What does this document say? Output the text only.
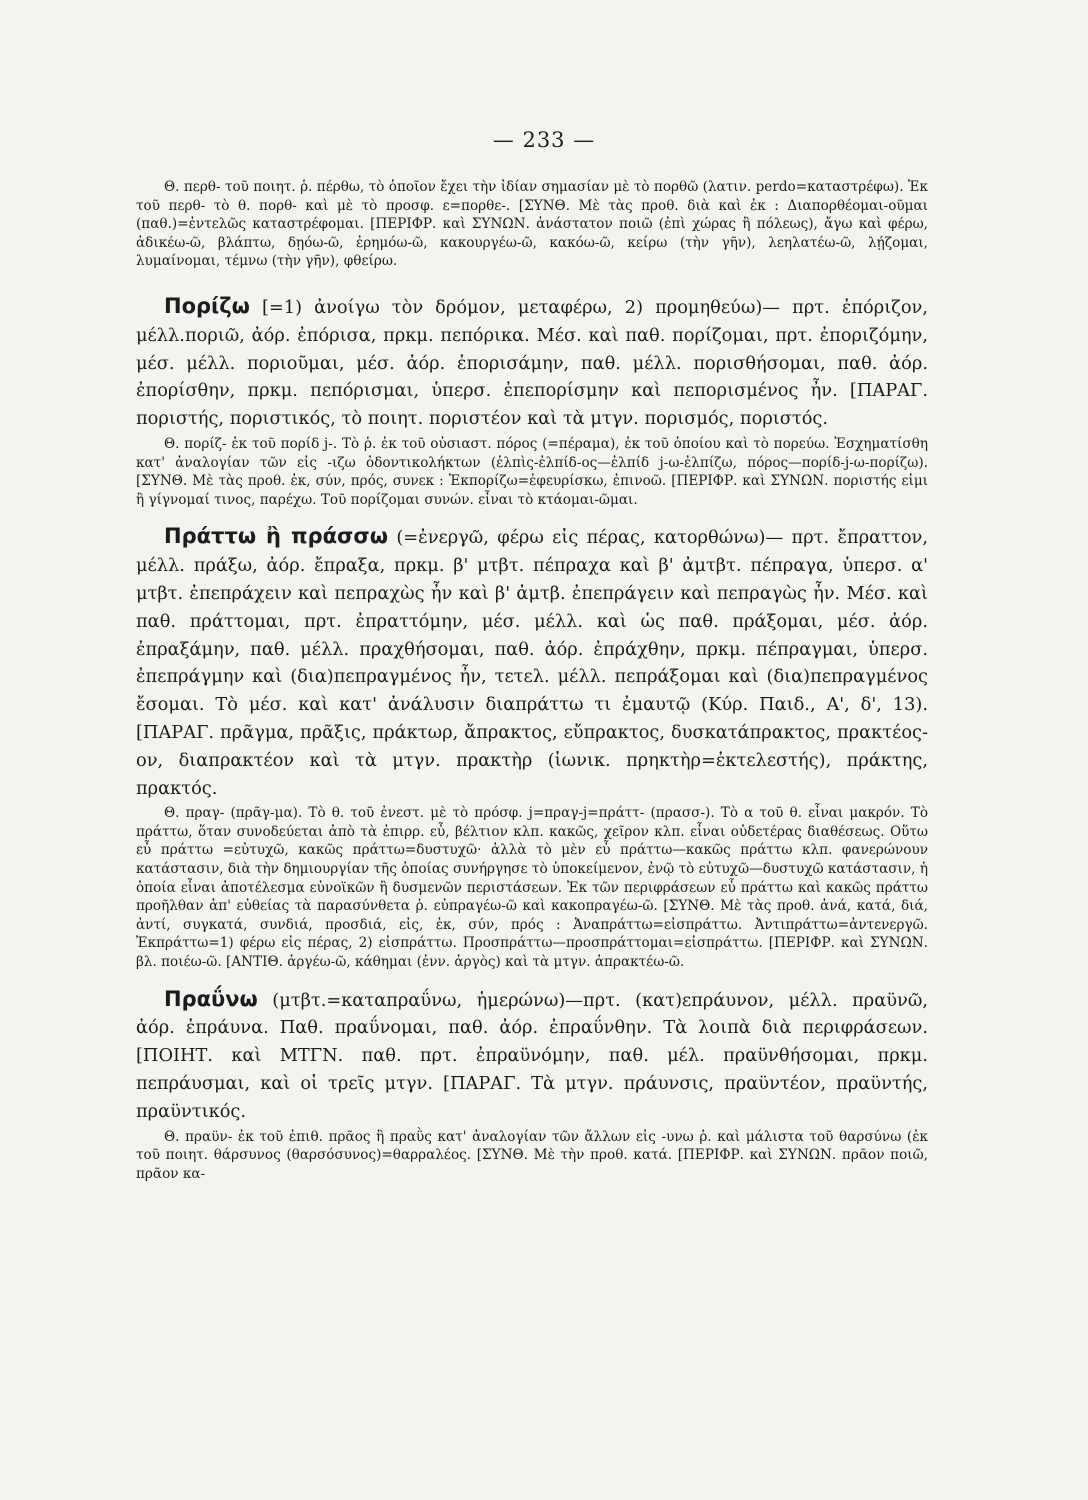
— 233 —

Θ. περθ- τοῦ ποιητ. ῥ. πέρθω, τὸ ὁποῖον ἔχει τὴν ἰδίαν σημασίαν μὲ τὸ πορθῶ (λατιν. perdo=καταστρέφω). Ἐκ τοῦ περθ- τὸ θ. πορθ- καὶ μὲ τὸ προσφ. ε=πορθε-. [ΣΥΝΘ. Μὲ τὰς προθ. διὰ καὶ ἐκ : Διαπορθέομαι-οῦμαι (παθ.)=ἐντελῶς καταστρέφομαι. [ΠΕΡΙΦΡ. καὶ ΣΥΝΩΝ. ἀνάστατον ποιῶ (ἐπὶ χώρας ἢ πόλεως), ἄγω καὶ φέρω, ἀδικέω-ῶ, βλάπτω, δῃόω-ῶ, ἐρημόω-ῶ, κακουργέω-ῶ, κακόω-ῶ, κείρω (τὴν γῆν), λεηλατέω-ῶ, λῄζομαι, λυμαίνομαι, τέμνω (τὴν γῆν), φθείρω.

Πορίζω [=1) ἀνοίγω τὸν δρόμον, μεταφέρω, 2) προμηθεύω)— πρτ. ἐπόριζον, μέλλ.ποριῶ, ἀόρ. ἐπόρισα, πρκμ. πεπόρικα. Μέσ. καὶ παθ. πορίζομαι, πρτ. ἐποριζόμην, μέσ. μέλλ. ποριοῦμαι, μέσ. ἀόρ. ἐπορισάμην, παθ. μέλλ. πορισθήσομαι, παθ. ἀόρ. ἐπορίσθην, πρκμ. πεπόρισμαι, ὑπερσ. ἐπεπορίσμην καὶ πεπορισμένος ἦν. [ΠΑΡΑΓ. ποριστής, ποριστικός, τὸ ποιητ. ποριστέον καὶ τὰ μτγν. πορισμός, ποριστός.

Θ. πορίζ- ἐκ τοῦ πορίδ j-. Τὸ ῥ. ἐκ τοῦ οὐσιαστ. πόρος (=πέραμα), ἐκ τοῦ ὁποίου καὶ τὸ πορεύω. Ἐσχηματίσθη κατ' ἀναλογίαν τῶν εἰς -ιζω ὀδοντικολήκτων (ἐλπὶς-ἐλπίδ-ος—ἐλπίδ j-ω-ἐλπίζω, πόρος—πορίδ-j-ω-πορίζω). [ΣΥΝΘ. Μὲ τὰς προθ. ἐκ, σύν, πρός, συνεκ : Ἐκπορίζω=ἐφευρίσκω, ἐπινοῶ. [ΠΕΡΙΦΡ. καὶ ΣΥΝΩΝ. ποριστής εἰμι ἢ γίγνομαί τινος, παρέχω. Τοῦ πορίζομαι συνών. εἶναι τὸ κτάομαι-ῶμαι.

Πράττω ἢ πράσσω (=ἐνεργῶ, φέρω εἰς πέρας, κατορθώνω)— πρτ. ἔπραττον, μέλλ. πράξω, ἀόρ. ἔπραξα, πρκμ. β' μτβτ. πέπραχα καὶ β' ἀμτβτ. πέπραγα, ὑπερσ. α' μτβτ. ἐπεπράχειν καὶ πεπραχὼς ἦν καὶ β' ἀμτβ. ἐπεπράγειν καὶ πεπραγὼς ἦν. Μέσ. καὶ παθ. πράττομαι, πρτ. ἐπραττόμην, μέσ. μέλλ. καὶ ὡς παθ. πράξομαι, μέσ. ἀόρ. ἐπραξάμην, παθ. μέλλ. πραχθήσομαι, παθ. ἀόρ. ἐπράχθην, πρκμ. πέπραγμαι, ὑπερσ. ἐπεπράγμην καὶ (δια)πεπραγμένος ἦν, τετελ. μέλλ. πεπράξομαι καὶ (δια)πεπραγμένος ἔσομαι. Τὸ μέσ. καὶ κατ' ἀνάλυσιν διαπράττω τι ἐμαυτῷ (Κύρ. Παιδ., Α', δ', 13). [ΠΑΡΑΓ. πρᾶγμα, πρᾶξις, πράκτωρ, ἄπρακτος, εὔπρακτος, δυσκατάπρακτος, πρακτέος-ον, διαπρακτέον καὶ τὰ μτγν. πρακτὴρ (ἰωνικ. πρηκτὴρ=ἐκτελεστής), πράκτης, πρακτός.

Θ. πραγ- (πρᾶγ-μα). Τὸ θ. τοῦ ἐνεστ. μὲ τὸ πρόσφ. j=πραγ-j=πράττ- (πρασσ-). Τὸ α τοῦ θ. εἶναι μακρόν. Τὸ πράττω, ὅταν συνοδεύεται ἀπὸ τὰ ἐπιρρ. εὖ, βέλτιον κλπ. κακῶς, χεῖρον κλπ. εἶναι οὐδετέρας διαθέσεως. Οὕτω εὖ πράττω =εὐτυχῶ, κακῶς πράττω=δυστυχῶ· ἀλλὰ τὸ μὲν εὖ πράττω—κακῶς πράττω κλπ. φανερώνουν κατάστασιν, διὰ τὴν δημιουργίαν τῆς ὁποίας συνήργησε τὸ ὑποκείμενον, ἐνῷ τὸ εὐτυχῶ—δυστυχῶ κατάστασιν, ἡ ὁποία εἶναι ἀποτέλεσμα εὐνοϊκῶν ἢ δυσμενῶν περιστάσεων. Ἐκ τῶν περιφράσεων εὖ πράττω καὶ κακῶς πράττω προῆλθαν ἀπ' εὐθείας τὰ παρασύνθετα ῥ. εὐπραγέω-ῶ καὶ κακοπραγέω-ῶ. [ΣΥΝΘ. Μὲ τὰς προθ. ἀνά, κατά, διά, ἀντί, συγκατά, συνδιά, προσδιά, εἰς, ἐκ, σύν, πρός : Ἀναπράττω=εἰσπράττω. Ἀντιπράττω=ἀντενεργῶ. Ἐκπράττω=1) φέρω εἰς πέρας, 2) εἰσπράττω. Προσπράττω—προσπράττομαι=εἰσπράττω. [ΠΕΡΙΦΡ. καὶ ΣΥΝΩΝ. βλ. ποιέω-ῶ. [ΑΝΤΙΘ. ἀργέω-ῶ, κάθημαι (ἐνν. ἀργὸς) καὶ τὰ μτγν. ἀπρακτέω-ῶ.

Πραΰνω (μτβτ.=καταπραΰνω, ἡμερώνω)—πρτ. (κατ)επράυνον, μέλλ. πραϋνῶ, ἀόρ. ἐπράυνα. Παθ. πραΰνομαι, παθ. ἀόρ. ἐπραΰνθην. Τὰ λοιπὰ διὰ περιφράσεων. [ΠΟΙΗΤ. καὶ ΜΤΓΝ. παθ. πρτ. ἐπραϋνόμην, παθ. μέλ. πραϋνθήσομαι, πρκμ. πεπράυσμαι, καὶ οἱ τρεῖς μτγν. [ΠΑΡΑΓ. Τὰ μτγν. πράυνσις, πραϋντέον, πραϋντής, πραϋντικός.

Θ. πραϋν- ἐκ τοῦ ἐπιθ. πρᾶος ἢ πραῢς κατ' ἀναλογίαν τῶν ἄλλων εἰς -υνω ῥ. καὶ μάλιστα τοῦ θαρσύνω (ἐκ τοῦ ποιητ. θάρσυνος (θαρσόσυνος)=θαρραλέος. [ΣΥΝΘ. Μὲ τὴν προθ. κατά. [ΠΕΡΙΦΡ. καὶ ΣΥΝΩΝ. πρᾶον ποιῶ, πρᾶον κα-
